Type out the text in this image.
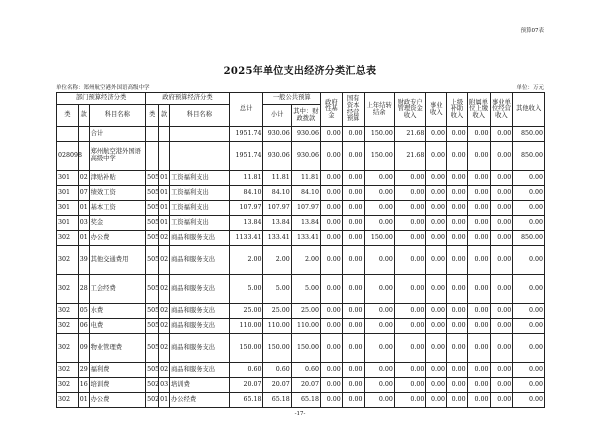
预算07表
2025年单位支出经济分类汇总表
单位名称：郑州航空港外国语高级中学	单位：万元
部门预算经济分类			政府预算经济分类			总计	一般公共预算		政府性基金	国有资本经营预算	上年结转结余	财政专户管理资金收入	事业收入	上级补助收入	附属单位上缴收入	事业单位经营收入	其他收入
类	款	科目名称	类	款	科目名称		小计	其中：财政拨款									
		合计				1951.74	930.06	930.06	0.00	0.00	150.00	21.68	0.00	0.00	0.00	0.00	850.00
028098		郑州航空港外国语高级中学				1951.74	930.06	930.06	0.00	0.00	150.00	21.68	0.00	0.00	0.00	0.00	850.00
301	02	津贴补贴	505	01	工资福利支出	11.81	11.81	11.81	0.00	0.00	0.00	0.00	0.00	0.00	0.00	0.00	0.00
301	07	绩效工资	505	01	工资福利支出	84.10	84.10	84.10	0.00	0.00	0.00	0.00	0.00	0.00	0.00	0.00	0.00
301	01	基本工资	505	01	工资福利支出	107.97	107.97	107.97	0.00	0.00	0.00	0.00	0.00	0.00	0.00	0.00	0.00
301	03	奖金	505	01	工资福利支出	13.84	13.84	13.84	0.00	0.00	0.00	0.00	0.00	0.00	0.00	0.00	0.00
302	01	办公费	505	02	商品和服务支出	1133.41	133.41	133.41	0.00	0.00	150.00	0.00	0.00	0.00	0.00	0.00	850.00
302	39	其他交通费用	505	02	商品和服务支出	2.00	2.00	2.00	0.00	0.00	0.00	0.00	0.00	0.00	0.00	0.00	0.00
302	28	工会经费	505	02	商品和服务支出	5.00	5.00	5.00	0.00	0.00	0.00	0.00	0.00	0.00	0.00	0.00	0.00
302	05	水费	505	02	商品和服务支出	25.00	25.00	25.00	0.00	0.00	0.00	0.00	0.00	0.00	0.00	0.00	0.00
302	06	电费	505	02	商品和服务支出	110.00	110.00	110.00	0.00	0.00	0.00	0.00	0.00	0.00	0.00	0.00	0.00
302	09	物业管理费	505	02	商品和服务支出	150.00	150.00	150.00	0.00	0.00	0.00	0.00	0.00	0.00	0.00	0.00	0.00
302	29	福利费	505	02	商品和服务支出	0.60	0.60	0.60	0.00	0.00	0.00	0.00	0.00	0.00	0.00	0.00	0.00
302	16	培训费	502	03	培训费	20.07	20.07	20.07	0.00	0.00	0.00	0.00	0.00	0.00	0.00	0.00	0.00
302	01	办公费	502	01	办公经费	65.18	65.18	65.18	0.00	0.00	0.00	0.00	0.00	0.00	0.00	0.00	0.00
-17-
